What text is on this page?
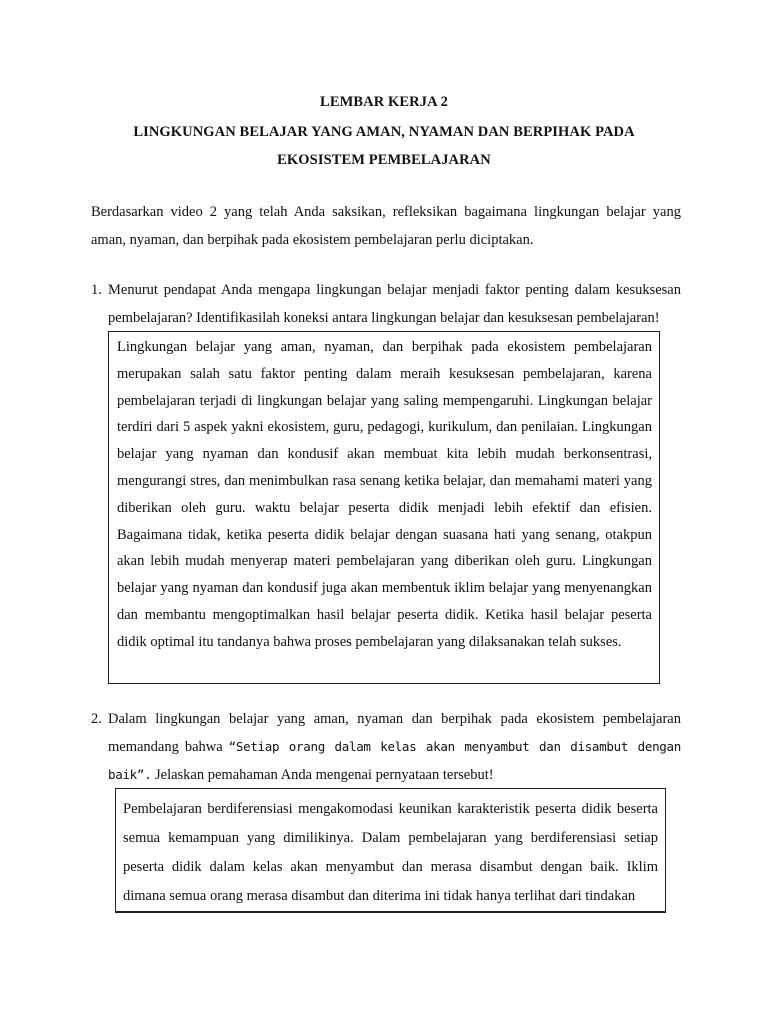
LEMBAR KERJA 2
LINGKUNGAN BELAJAR YANG AMAN, NYAMAN DAN BERPIHAK PADA
EKOSISTEM PEMBELAJARAN
Berdasarkan video 2 yang telah Anda saksikan, refleksikan bagaimana lingkungan belajar yang aman, nyaman, dan berpihak pada ekosistem pembelajaran perlu diciptakan.
1. Menurut pendapat Anda mengapa lingkungan belajar menjadi faktor penting dalam kesuksesan pembelajaran? Identifikasilah koneksi antara lingkungan belajar dan kesuksesan pembelajaran!
Lingkungan belajar yang aman, nyaman, dan berpihak pada ekosistem pembelajaran merupakan salah satu faktor penting dalam meraih kesuksesan pembelajaran, karena pembelajaran terjadi di lingkungan belajar yang saling mempengaruhi. Lingkungan belajar terdiri dari 5 aspek yakni ekosistem, guru, pedagogi, kurikulum, dan penilaian. Lingkungan belajar yang nyaman dan kondusif akan membuat kita lebih mudah berkonsentrasi, mengurangi stres, dan menimbulkan rasa senang ketika belajar, dan memahami materi yang diberikan oleh guru. waktu belajar peserta didik menjadi lebih efektif dan efisien. Bagaimana tidak, ketika peserta didik belajar dengan suasana hati yang senang, otakpun akan lebih mudah menyerap materi pembelajaran yang diberikan oleh guru. Lingkungan belajar yang nyaman dan kondusif juga akan membentuk iklim belajar yang menyenangkan dan membantu mengoptimalkan hasil belajar peserta didik. Ketika hasil belajar peserta didik optimal itu tandanya bahwa proses pembelajaran yang dilaksanakan telah sukses.
2. Dalam lingkungan belajar yang aman, nyaman dan berpihak pada ekosistem pembelajaran memandang bahwa “Setiap orang dalam kelas akan menyambut dan disambut dengan baik”. Jelaskan pemahaman Anda mengenai pernyataan tersebut!
Pembelajaran berdiferensiasi mengakomodasi keunikan karakteristik peserta didik beserta semua kemampuan yang dimilikinya. Dalam pembelajaran yang berdiferensiasi setiap peserta didik dalam kelas akan menyambut dan merasa disambut dengan baik. Iklim dimana semua orang merasa disambut dan diterima ini tidak hanya terlihat dari tindakan
